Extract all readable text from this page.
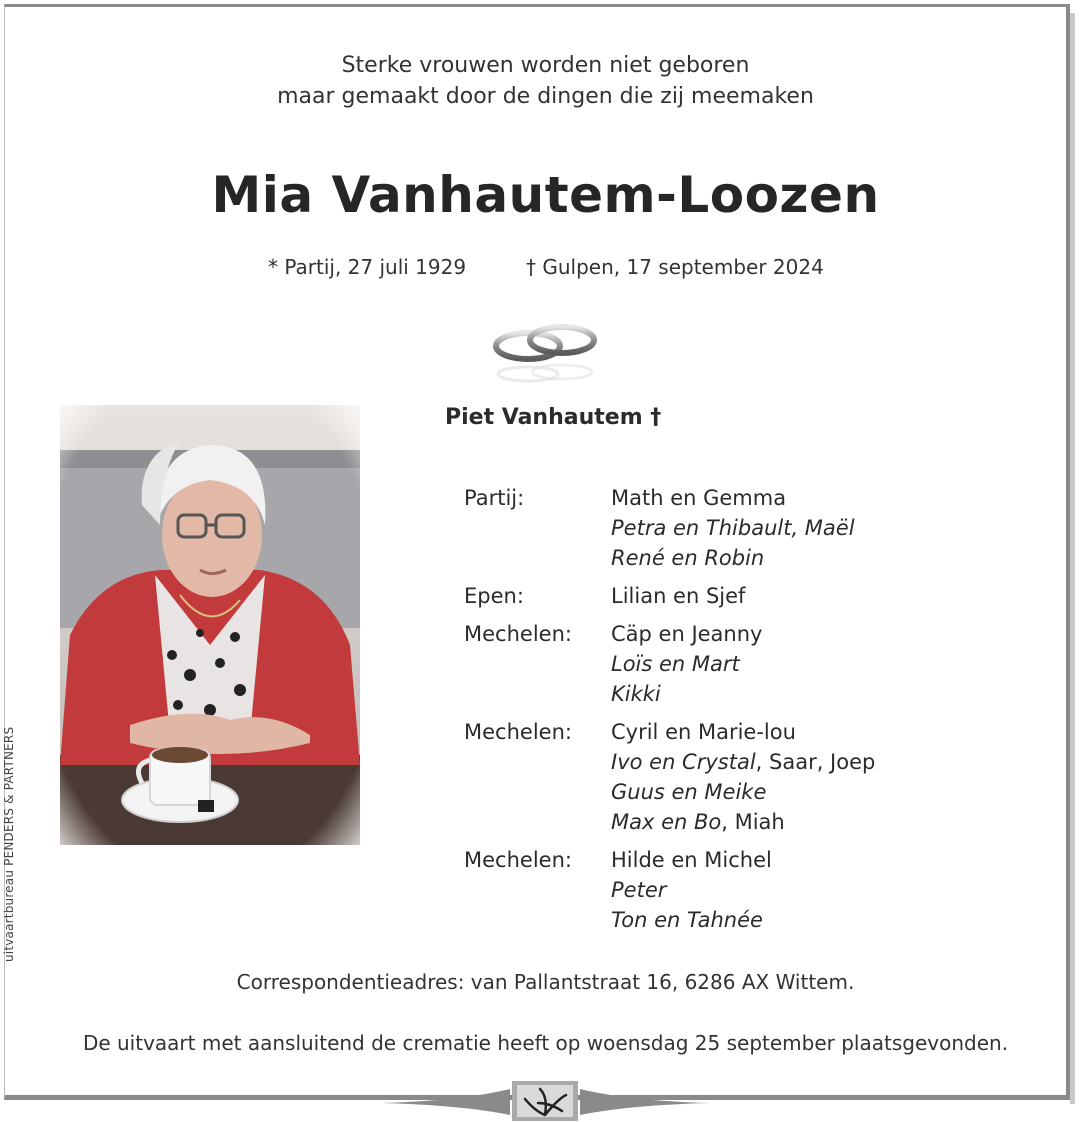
Sterke vrouwen worden niet geboren
maar gemaakt door de dingen die zij meemaken
Mia Vanhautem-Loozen
* Partij, 27 juli 1929	† Gulpen, 17 september 2024
Piet Vanhautem †
Partij:	Math en Gemma
Petra en Thibault, Maël
René en Robin
Epen:	Lilian en Sjef
Mechelen: Cäp en Jeanny
Loïs en Mart
Kikki
Mechelen: Cyril en Marie-lou
Ivo en Crystal, Saar, Joep
Guus en Meike
Max en Bo, Miah
Mechelen: Hilde en Michel
Peter
Ton en Tahnée
Correspondentieadres: van Pallantstraat 16, 6286 AX Wittem.
De uitvaart met aansluitend de crematie heeft op woensdag 25 september plaatsgevonden.
uitvaartbureau PENDERS & PARTNERS
